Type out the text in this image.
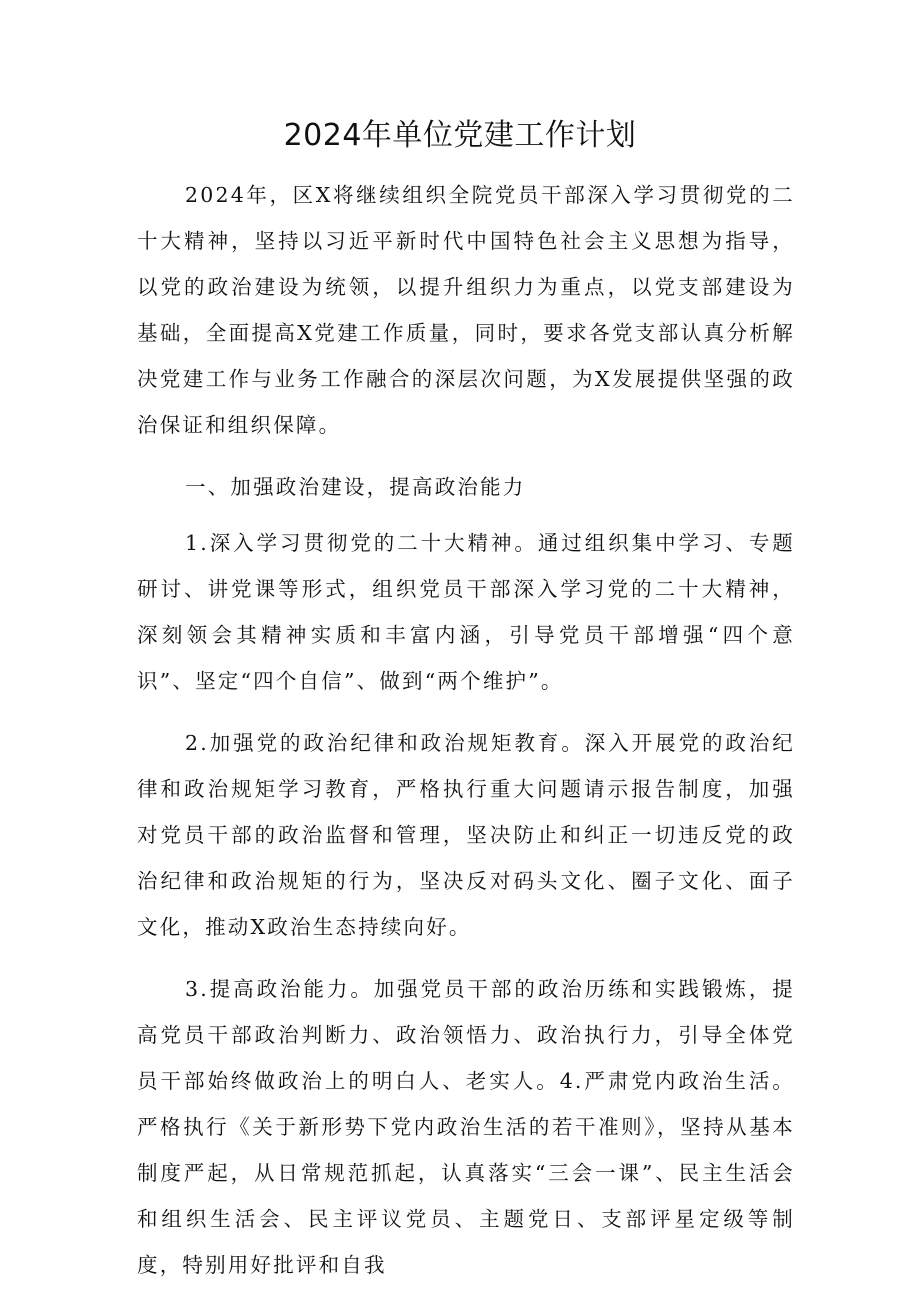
2024年单位党建工作计划

2024年，区X将继续组织全院党员干部深入学习贯彻党的二十大精神，坚持以习近平新时代中国特色社会主义思想为指导，以党的政治建设为统领，以提升组织力为重点，以党支部建设为基础，全面提高X党建工作质量，同时，要求各党支部认真分析解决党建工作与业务工作融合的深层次问题，为X发展提供坚强的政治保证和组织保障。

一、加强政治建设，提高政治能力

1.深入学习贯彻党的二十大精神。通过组织集中学习、专题研讨、讲党课等形式，组织党员干部深入学习党的二十大精神，深刻领会其精神实质和丰富内涵，引导党员干部增强“四个意识”、坚定“四个自信”、做到“两个维护”。

2.加强党的政治纪律和政治规矩教育。深入开展党的政治纪律和政治规矩学习教育，严格执行重大问题请示报告制度，加强对党员干部的政治监督和管理，坚决防止和纠正一切违反党的政治纪律和政治规矩的行为，坚决反对码头文化、圈子文化、面子文化，推动X政治生态持续向好。

3.提高政治能力。加强党员干部的政治历练和实践锻炼，提高党员干部政治判断力、政治领悟力、政治执行力，引导全体党员干部始终做政治上的明白人、老实人。4.严肃党内政治生活。严格执行《关于新形势下党内政治生活的若干准则》，坚持从基本制度严起，从日常规范抓起，认真落实“三会一课”、民主生活会和组织生活会、民主评议党员、主题党日、支部评星定级等制度，特别用好批评和自我
